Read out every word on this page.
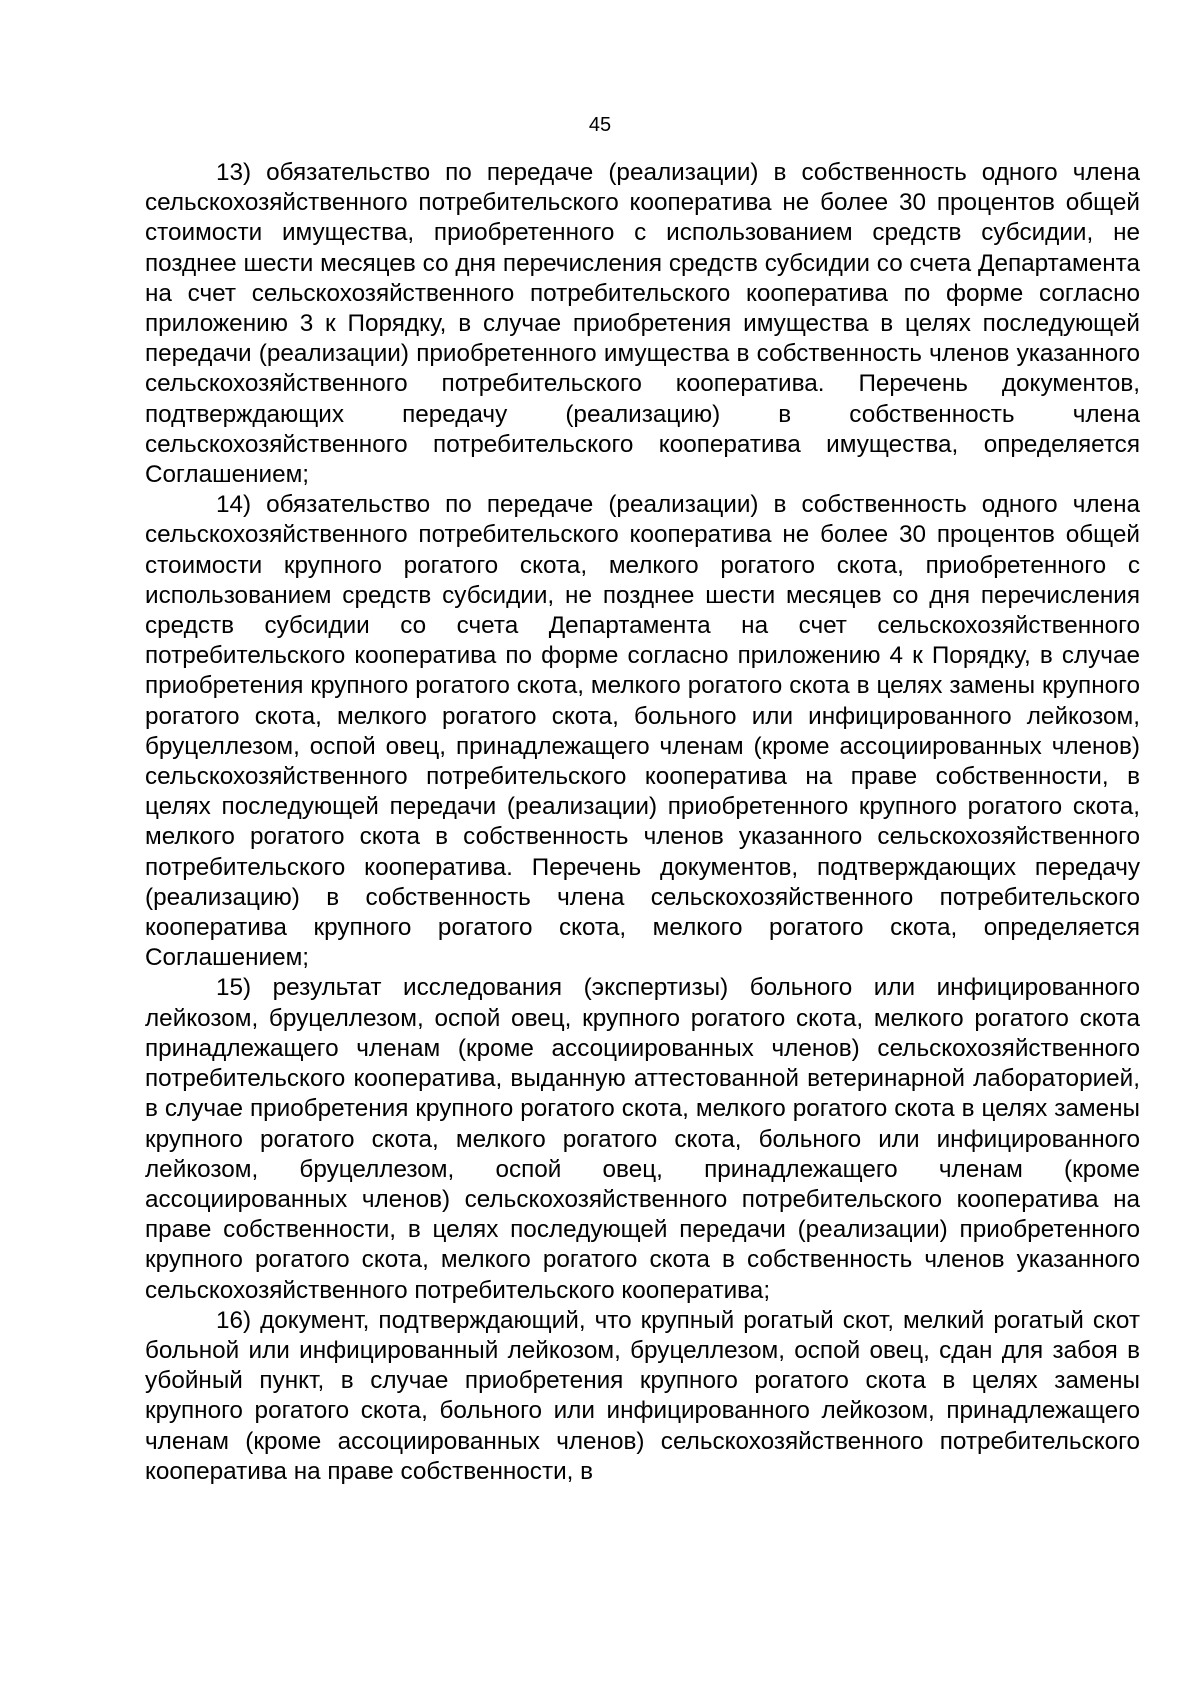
45

13) обязательство по передаче (реализации) в собственность одного члена сельскохозяйственного потребительского кооператива не более 30 процентов общей стоимости имущества, приобретенного с использованием средств субсидии, не позднее шести месяцев со дня перечисления средств субсидии со счета Департамента на счет сельскохозяйственного потребительского кооператива по форме согласно приложению 3 к Порядку, в случае приобретения имущества в целях последующей передачи (реализации) приобретенного имущества в собственность членов указанного сельскохозяйственного потребительского кооператива. Перечень документов, подтверждающих передачу (реализацию) в собственность члена сельскохозяйственного потребительского кооператива имущества, определяется Соглашением;

14) обязательство по передаче (реализации) в собственность одного члена сельскохозяйственного потребительского кооператива не более 30 процентов общей стоимости крупного рогатого скота, мелкого рогатого скота, приобретенного с использованием средств субсидии, не позднее шести месяцев со дня перечисления средств субсидии со счета Департамента на счет сельскохозяйственного потребительского кооператива по форме согласно приложению 4 к Порядку, в случае приобретения крупного рогатого скота, мелкого рогатого скота в целях замены крупного рогатого скота, мелкого рогатого скота, больного или инфицированного лейкозом, бруцеллезом, оспой овец, принадлежащего членам (кроме ассоциированных членов) сельскохозяйственного потребительского кооператива на праве собственности, в целях последующей передачи (реализации) приобретенного крупного рогатого скота, мелкого рогатого скота в собственность членов указанного сельскохозяйственного потребительского кооператива. Перечень документов, подтверждающих передачу (реализацию) в собственность члена сельскохозяйственного потребительского кооператива крупного рогатого скота, мелкого рогатого скота, определяется Соглашением;

15) результат исследования (экспертизы) больного или инфицированного лейкозом, бруцеллезом, оспой овец, крупного рогатого скота, мелкого рогатого скота принадлежащего членам (кроме ассоциированных членов) сельскохозяйственного потребительского кооператива, выданную аттестованной ветеринарной лабораторией, в случае приобретения крупного рогатого скота, мелкого рогатого скота в целях замены крупного рогатого скота, мелкого рогатого скота, больного или инфицированного лейкозом, бруцеллезом, оспой овец, принадлежащего членам (кроме ассоциированных членов) сельскохозяйственного потребительского кооператива на праве собственности, в целях последующей передачи (реализации) приобретенного крупного рогатого скота, мелкого рогатого скота в собственность членов указанного сельскохозяйственного потребительского кооператива;

16) документ, подтверждающий, что крупный рогатый скот, мелкий рогатый скот больной или инфицированный лейкозом, бруцеллезом, оспой овец, сдан для забоя в убойный пункт, в случае приобретения крупного рогатого скота в целях замены крупного рогатого скота, больного или инфицированного лейкозом, принадлежащего членам (кроме ассоциированных членов) сельскохозяйственного потребительского кооператива на праве собственности, в
